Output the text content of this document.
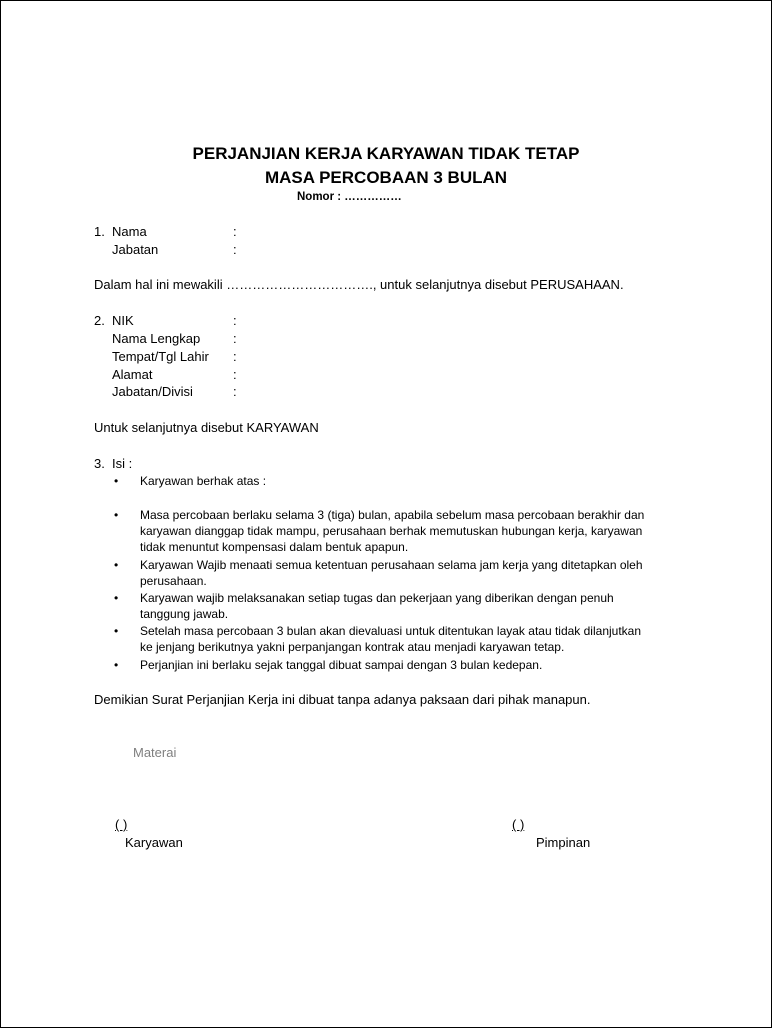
PERJANJIAN KERJA KARYAWAN TIDAK TETAP
MASA PERCOBAAN 3 BULAN
Nomor : ……………
1. Nama	:
Jabatan	:
Dalam hal ini mewakili ……………………………., untuk selanjutnya disebut PERUSAHAAN.
2. NIK	:
Nama Lengkap	:
Tempat/Tgl Lahir :
Alamat	:
Jabatan/Divisi	:
Untuk selanjutnya disebut KARYAWAN
3. Isi :
• Karyawan berhak atas :
• Masa percobaan berlaku selama 3 (tiga) bulan, apabila sebelum masa percobaan berakhir dan
karyawan dianggap tidak mampu, perusahaan berhak memutuskan hubungan kerja, karyawan
tidak menuntut kompensasi dalam bentuk apapun.
• Karyawan Wajib menaati semua ketentuan perusahaan selama jam kerja yang ditetapkan oleh
perusahaan.
• Karyawan wajib melaksanakan setiap tugas dan pekerjaan yang diberikan dengan penuh
tanggung jawab.
• Setelah masa percobaan 3 bulan akan dievaluasi untuk ditentukan layak atau tidak dilanjutkan
ke jenjang berikutnya yakni perpanjangan kontrak atau menjadi karyawan tetap.
• Perjanjian ini berlaku sejak tanggal dibuat sampai dengan 3 bulan kedepan.
Demikian Surat Perjanjian Kerja ini dibuat tanpa adanya paksaan dari pihak manapun.
Materai
( )
Karyawan
( )
Pimpinan
